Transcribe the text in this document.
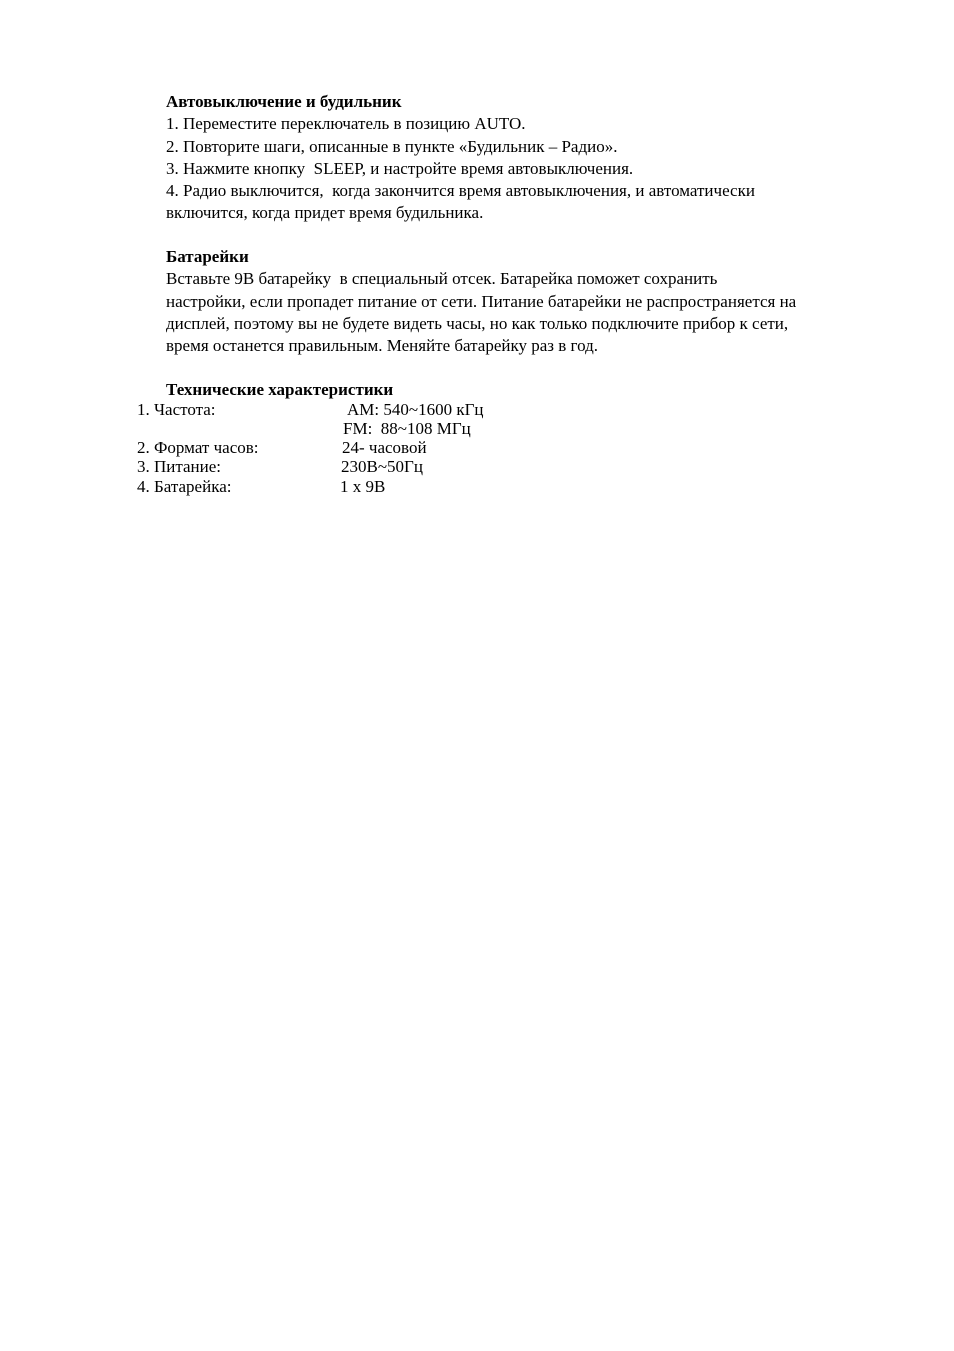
Автовыключение и будильник
1. Переместите переключатель в позицию AUTO.
2. Повторите шаги, описанные в пункте «Будильник – Радио».
3. Нажмите кнопку  SLEEP, и настройте время автовыключения.
4. Радио выключится,  когда закончится время автовыключения, и автоматически
включится, когда придет время будильника.
Батарейки
Вставьте 9В батарейку  в специальный отсек. Батарейка поможет сохранить
настройки, если пропадет питание от сети. Питание батарейки не распространяется на
дисплей, поэтому вы не будете видеть часы, но как только подключите прибор к сети,
время останется правильным. Меняйте батарейку раз в год.
Технические характеристики
1. Частота:	AM: 540~1600 кГц
FM:  88~108 МГц
2. Формат часов:	24- часовой
3. Питание:	230В~50Гц
4. Батарейка:	1 x 9В
